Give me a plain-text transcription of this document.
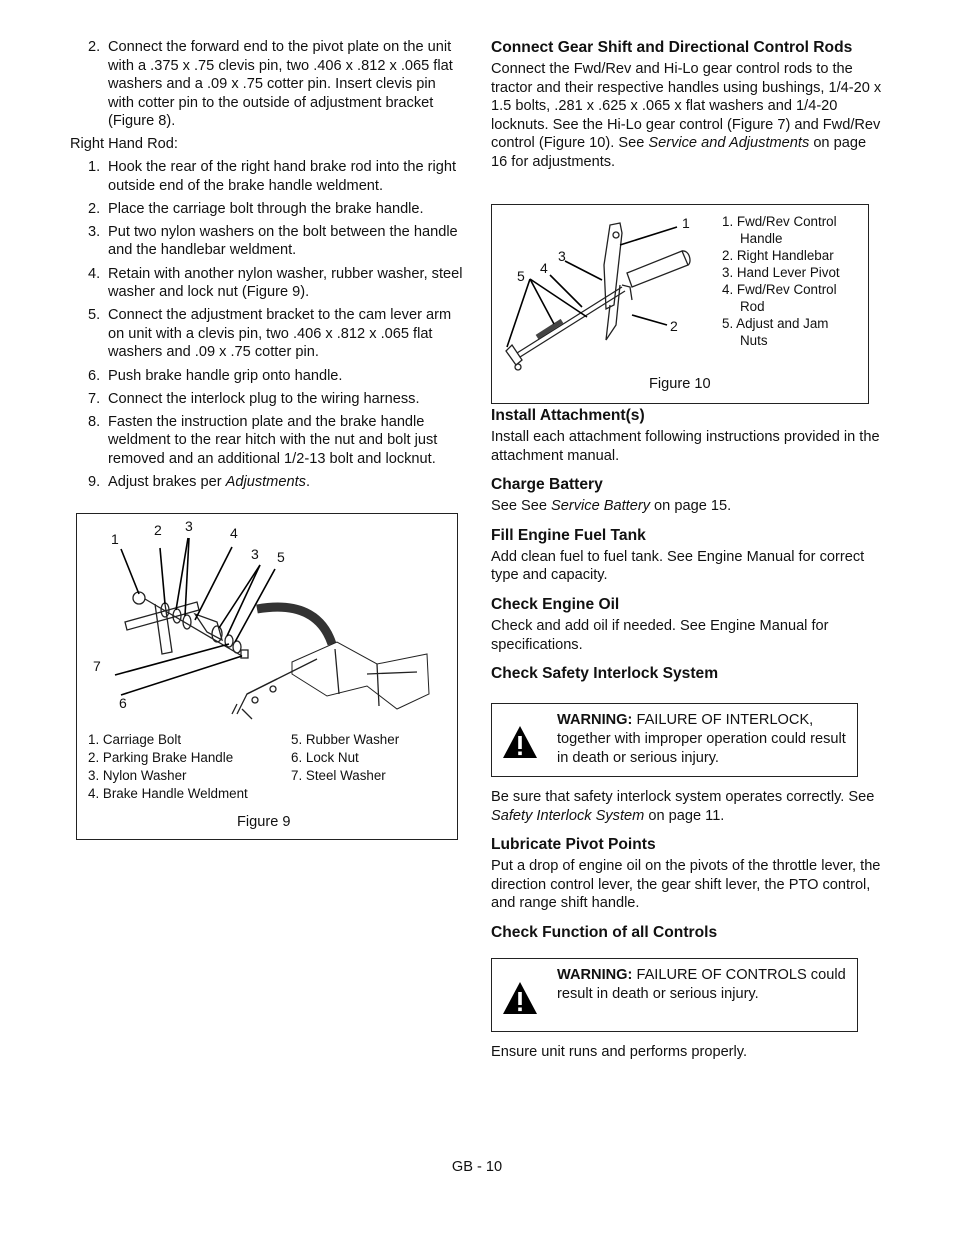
2. Connect the forward end to the pivot plate on the unit with a .375 x .75 clevis pin, two .406 x .812 x .065 flat washers and a .09 x .75 cotter pin. Insert clevis pin with cotter pin to the outside of adjustment bracket (Figure 8).
Right Hand Rod:
1. Hook the rear of the right hand brake rod into the right outside end of the brake handle weldment.
2. Place the carriage bolt through the brake handle.
3. Put two nylon washers on the bolt between the handle and the handlebar weldment.
4. Retain with another nylon washer, rubber washer, steel washer and lock nut (Figure 9).
5. Connect the adjustment bracket to the cam lever arm on unit with a clevis pin, two .406 x .812 x .065 flat washers and .09 x .75 cotter pin.
6. Push brake handle grip onto handle.
7. Connect the interlock plug to the wiring harness.
8. Fasten the instruction plate and the brake handle weldment to the rear hitch with the nut and bolt just removed and an additional 1/2-13 bolt and locknut.
9. Adjust brakes per Adjustments.
1
2 3	4
3 5
7
6
1. Carriage Bolt
2. Parking Brake Handle
3. Nylon Washer
4. Brake Handle Weldment
5. Rubber Washer
6. Lock Nut
7. Steel Washer
Figure 9
Connect Gear Shift and Directional Control Rods

Connect the Fwd/Rev and Hi-Lo gear control rods to the tractor and their respective handles using bushings, 1/4-20 x 1.5 bolts, .281 x .625 x .065 x flat washers and 1/4-20 locknuts. See the Hi-Lo gear control (Figure 7) and Fwd/Rev control (Figure 10). See Service and Adjustments on page 16 for adjustments.

1
3
4
5
2
1. Fwd/Rev Control
Handle
2. Right Handlebar
3. Hand Lever Pivot
4. Fwd/Rev Control
Rod
5. Adjust and Jam
Nuts
Figure 10
Install Attachment(s)

Install each attachment following instructions provided in the attachment manual.

Charge Battery

See See Service Battery on page 15.

Fill Engine Fuel Tank

Add clean fuel to fuel tank. See Engine Manual for correct type and capacity.

Check Engine Oil

Check and add oil if needed. See Engine Manual for specifications.

Check Safety Interlock System
WARNING: FAILURE OF INTERLOCK, together with improper operation could result in death or serious injury.

Be sure that safety interlock system operates correctly. See Safety Interlock System on page 11.

Lubricate Pivot Points

Put a drop of engine oil on the pivots of the throttle lever, the direction control lever, the gear shift lever, the PTO control, and range shift handle.

Check Function of all Controls
WARNING: FAILURE OF CONTROLS could result in death or serious injury.
Ensure unit runs and performs properly.
GB - 10
